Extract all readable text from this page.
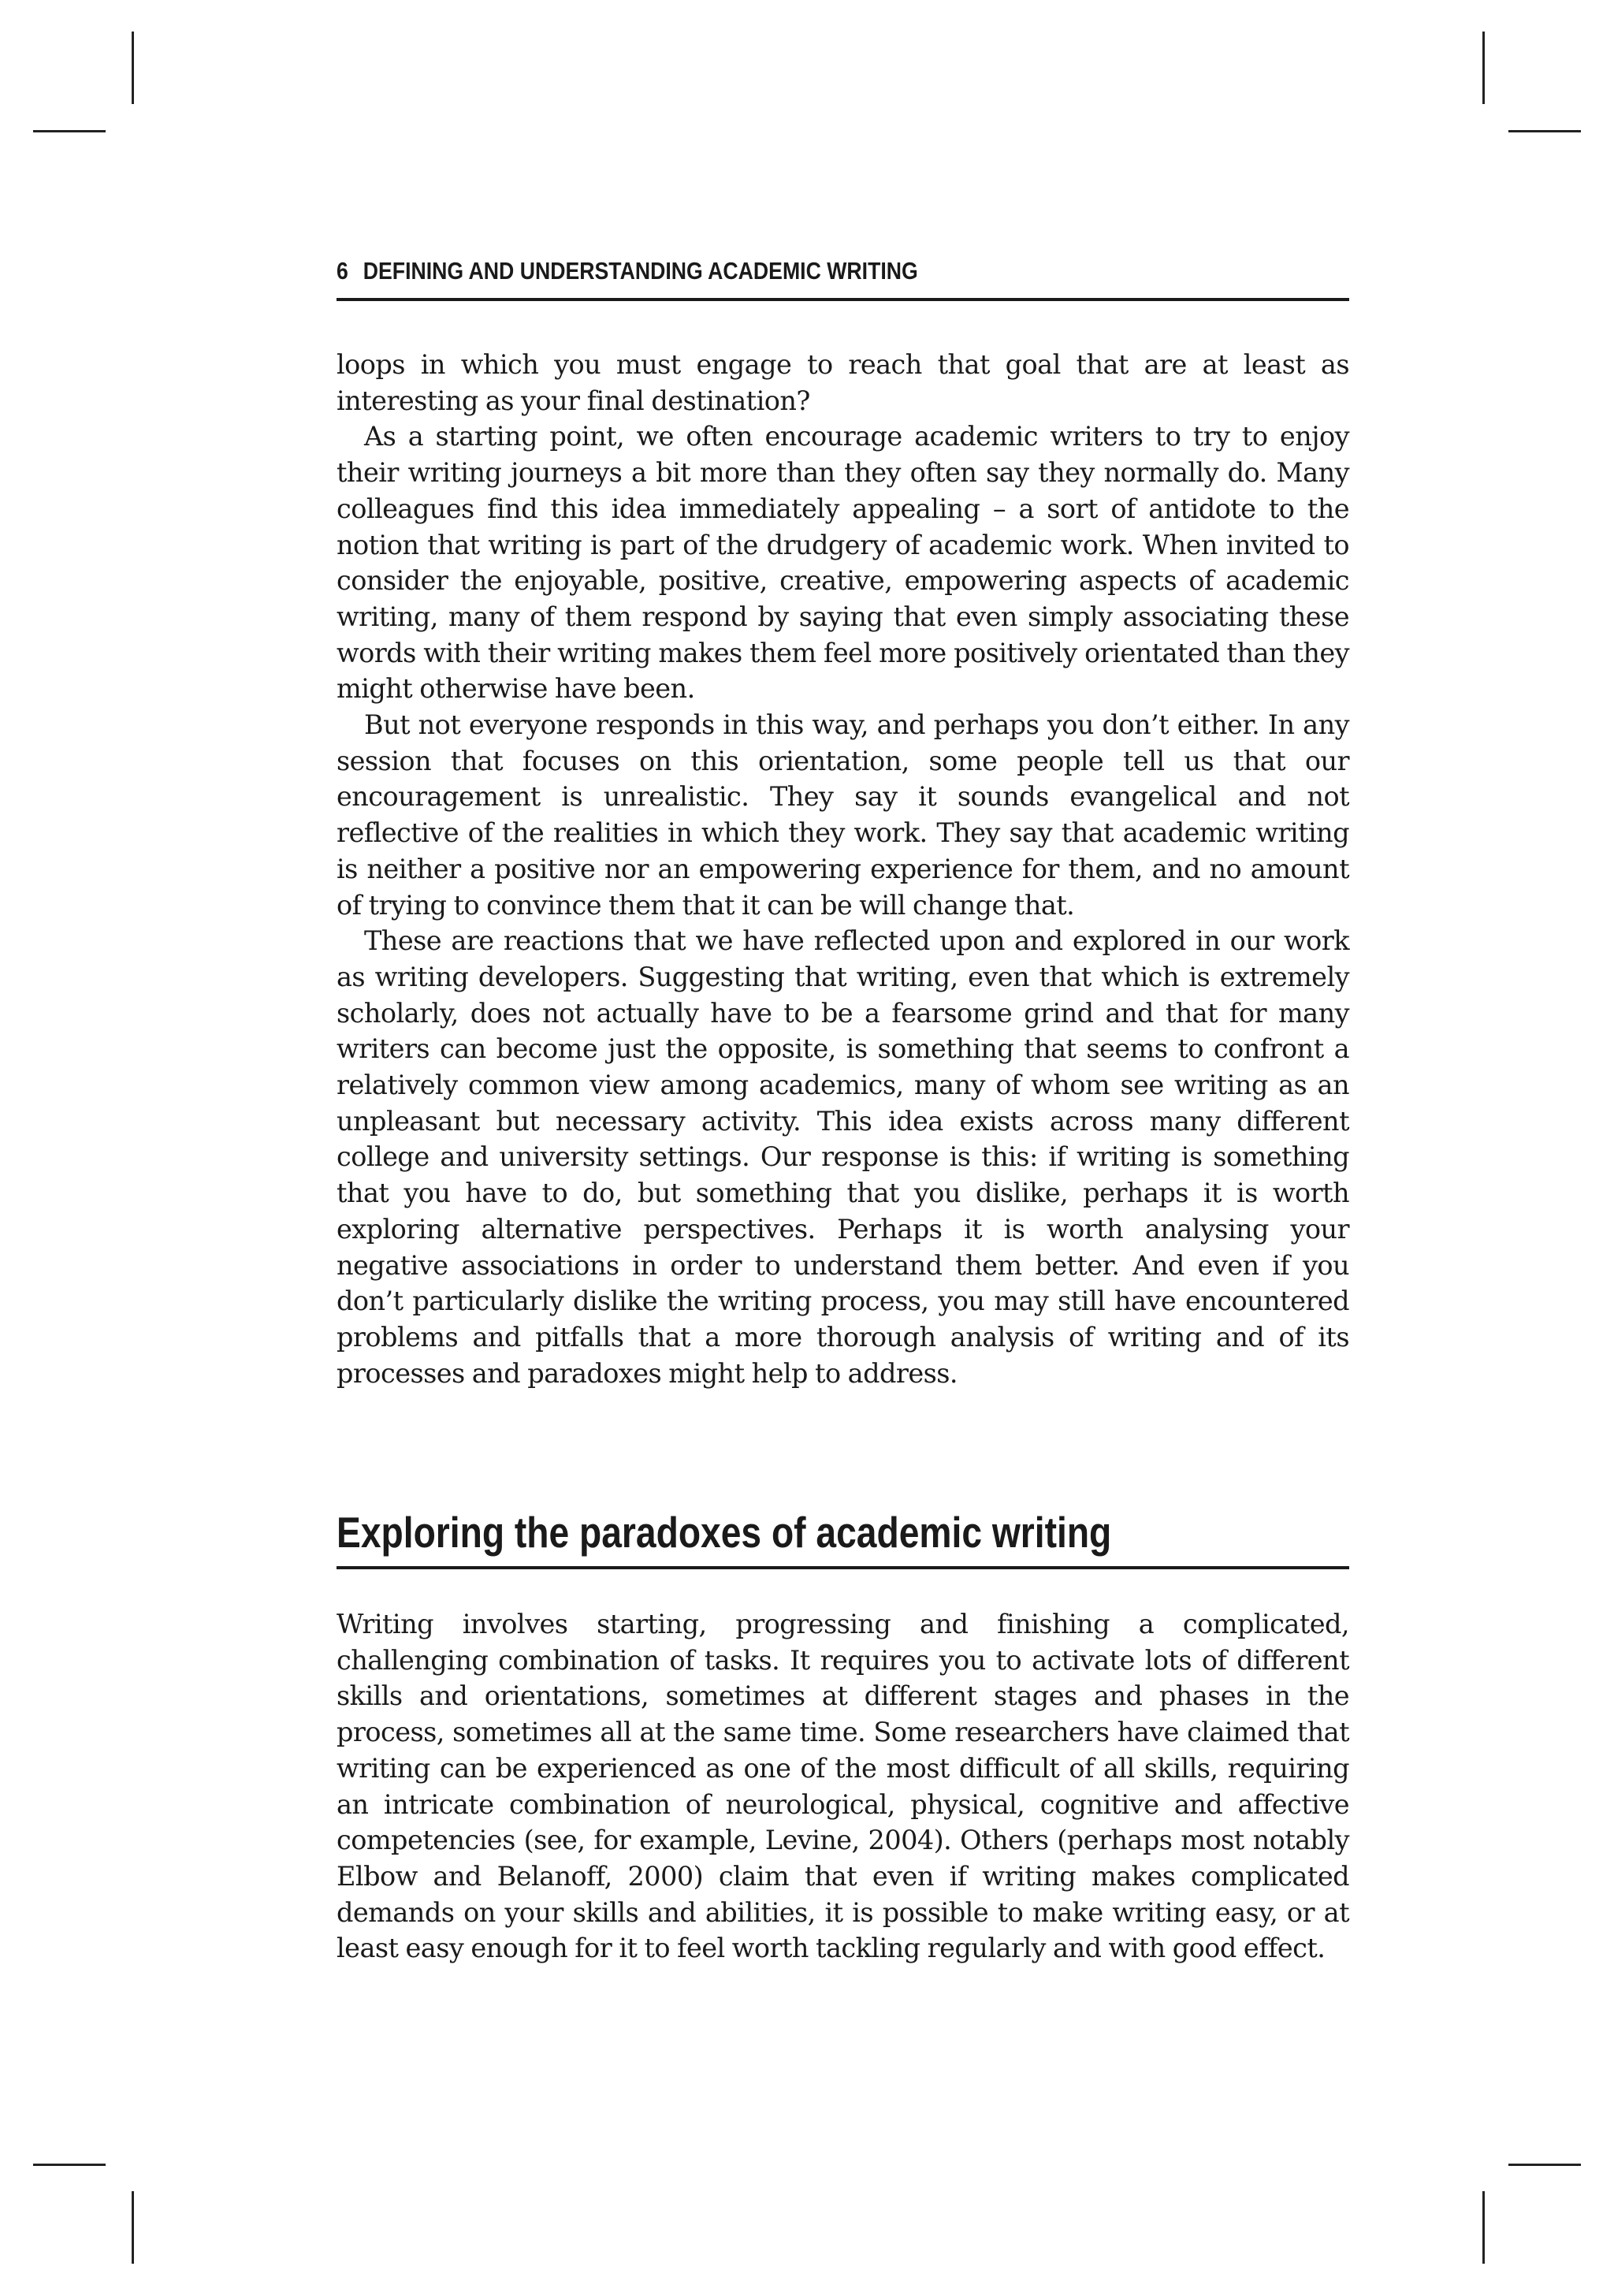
6 DEFINING AND UNDERSTANDING ACADEMIC WRITING

loops in which you must engage to reach that goal that are at least as interesting as your final destination?

As a starting point, we often encourage academic writers to try to enjoy their writing journeys a bit more than they often say they normally do. Many colleagues find this idea immediately appealing – a sort of antidote to the notion that writing is part of the drudgery of academic work. When invited to consider the enjoyable, positive, creative, empowering aspects of academic writing, many of them respond by saying that even simply associating these words with their writing makes them feel more positively orientated than they might otherwise have been.

But not everyone responds in this way, and perhaps you don’t either. In any session that focuses on this orientation, some people tell us that our encouragement is unrealistic. They say it sounds evangelical and not reflective of the realities in which they work. They say that academic writing is neither a positive nor an empowering experience for them, and no amount of trying to convince them that it can be will change that.

These are reactions that we have reflected upon and explored in our work as writing developers. Suggesting that writing, even that which is extremely scholarly, does not actually have to be a fearsome grind and that for many writers can become just the opposite, is something that seems to confront a relatively common view among academics, many of whom see writing as an unpleasant but necessary activity. This idea exists across many different college and university settings. Our response is this: if writing is something that you have to do, but something that you dislike, perhaps it is worth exploring alternative perspectives. Perhaps it is worth analysing your negative associations in order to understand them better. And even if you don’t particularly dislike the writing process, you may still have encountered problems and pitfalls that a more thorough analysis of writing and of its processes and paradoxes might help to address.

Exploring the paradoxes of academic writing

Writing involves starting, progressing and finishing a complicated, challenging combination of tasks. It requires you to activate lots of different skills and orientations, sometimes at different stages and phases in the process, sometimes all at the same time. Some researchers have claimed that writing can be experienced as one of the most difficult of all skills, requiring an intricate combination of neurological, physical, cognitive and affective competencies (see, for example, Levine, 2004). Others (perhaps most notably Elbow and Belanoff, 2000) claim that even if writing makes complicated demands on your skills and abilities, it is possible to make writing easy, or at least easy enough for it to feel worth tackling regularly and with good effect.
